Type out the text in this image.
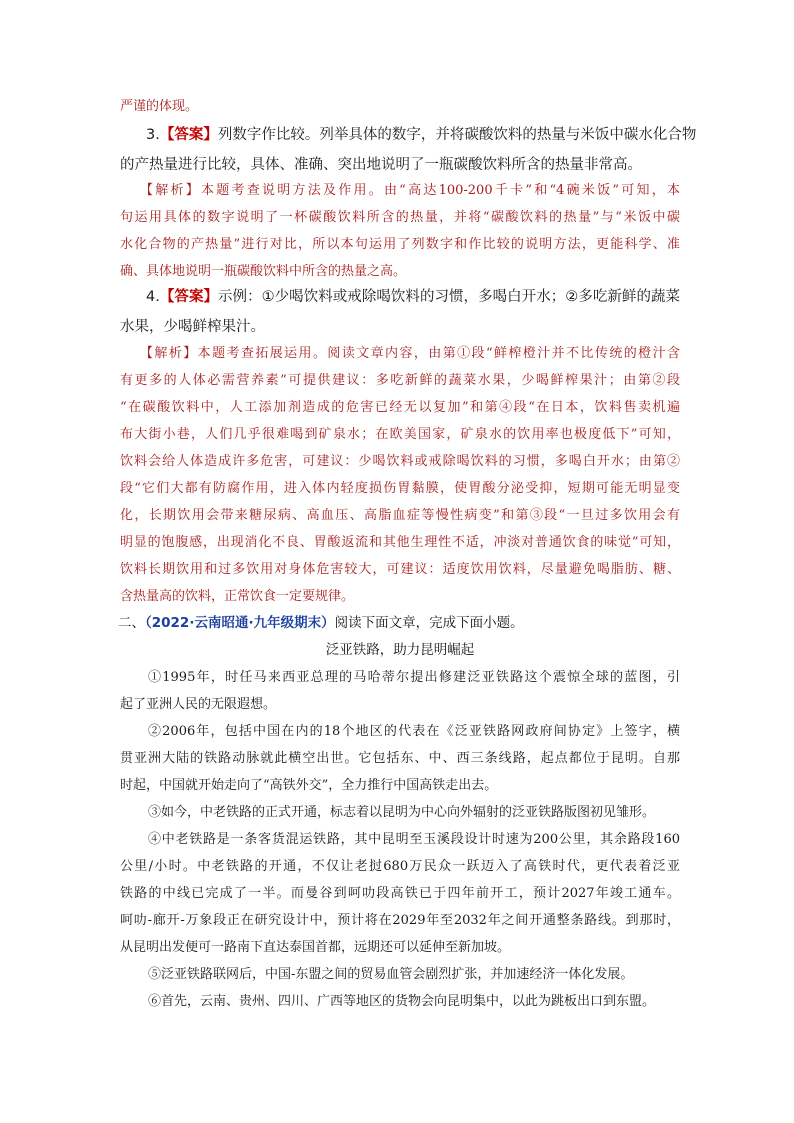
严谨的体现。
3.【答案】列数字作比较。列举具体的数字，并将碳酸饮料的热量与米饭中碳水化合物
的产热量进行比较，具体、准确、突出地说明了一瓶碳酸饮料所含的热量非常高。
【解析】本题考查说明方法及作用。由“高达100-200千卡”和“4碗米饭”可知，本
句运用具体的数字说明了一杯碳酸饮料所含的热量，并将“碳酸饮料的热量”与“米饭中碳
水化合物的产热量”进行对比，所以本句运用了列数字和作比较的说明方法，更能科学、准
确、具体地说明一瓶碳酸饮料中所含的热量之高。
4.【答案】示例：①少喝饮料或戒除喝饮料的习惯，多喝白开水；②多吃新鲜的蔬菜
水果，少喝鲜榨果汁。
【解析】本题考查拓展运用。阅读文章内容，由第①段“鲜榨橙汁并不比传统的橙汁含
有更多的人体必需营养素”可提供建议：多吃新鲜的蔬菜水果，少喝鲜榨果汁；由第②段
“在碳酸饮料中，人工添加剂造成的危害已经无以复加”和第④段“在日本，饮料售卖机遍
布大街小巷，人们几乎很难喝到矿泉水；在欧美国家，矿泉水的饮用率也极度低下”可知，
饮料会给人体造成许多危害，可建议：少喝饮料或戒除喝饮料的习惯，多喝白开水；由第②
段“它们大都有防腐作用，进入体内轻度损伤胃黏膜，使胃酸分泌受抑，短期可能无明显变
化，长期饮用会带来糖尿病、高血压、高脂血症等慢性病变”和第③段“一旦过多饮用会有
明显的饱腹感，出现消化不良、胃酸返流和其他生理性不适，冲淡对普通饮食的味觉”可知，
饮料长期饮用和过多饮用对身体危害较大，可建议：适度饮用饮料，尽量避免喝脂肪、糖、
含热量高的饮料，正常饮食一定要规律。
二、（2022·云南昭通·九年级期末）阅读下面文章，完成下面小题。
泛亚铁路，助力昆明崛起
①1995年，时任马来西亚总理的马哈蒂尔提出修建泛亚铁路这个震惊全球的蓝图，引
起了亚洲人民的无限遐想。
②2006年，包括中国在内的18个地区的代表在《泛亚铁路网政府间协定》上签字，横
贯亚洲大陆的铁路动脉就此横空出世。它包括东、中、西三条线路，起点都位于昆明。自那
时起，中国就开始走向了“高铁外交”，全力推行中国高铁走出去。
③如今，中老铁路的正式开通，标志着以昆明为中心向外辐射的泛亚铁路版图初见雏形。
④中老铁路是一条客货混运铁路，其中昆明至玉溪段设计时速为200公里，其余路段160
公里/小时。中老铁路的开通，不仅让老挝680万民众一跃迈入了高铁时代，更代表着泛亚
铁路的中线已完成了一半。而曼谷到呵叻段高铁已于四年前开工，预计2027年竣工通车。
呵叻-廊开-万象段正在研究设计中，预计将在2029年至2032年之间开通整条路线。到那时，
从昆明出发便可一路南下直达泰国首都，远期还可以延伸至新加坡。
⑤泛亚铁路联网后，中国-东盟之间的贸易血管会剧烈扩张，并加速经济一体化发展。
⑥首先，云南、贵州、四川、广西等地区的货物会向昆明集中，以此为跳板出口到东盟。
